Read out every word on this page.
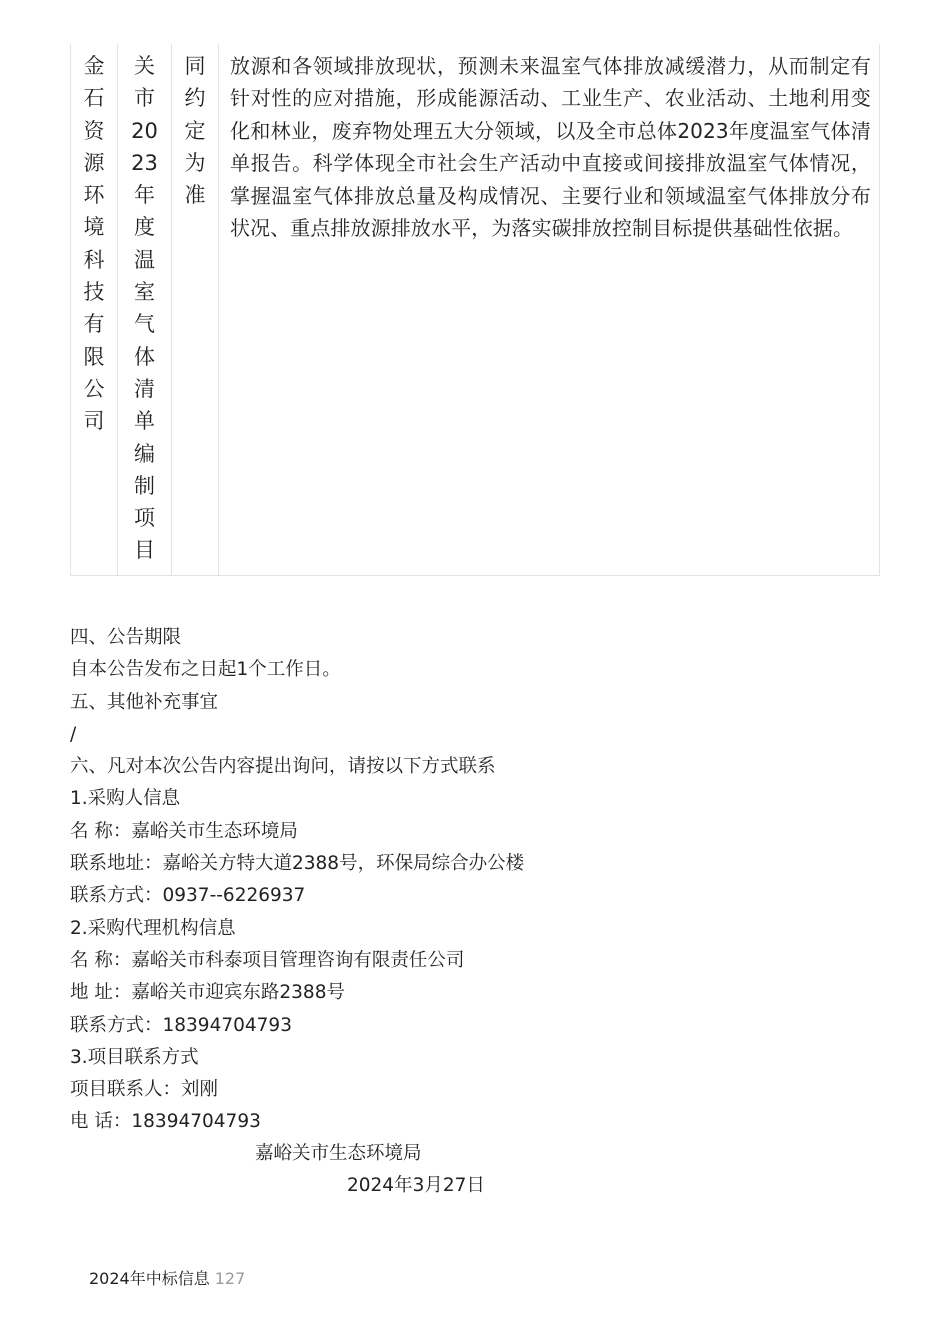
金
石
资
源
环
境
科
技
有
限
公
司
关
市
20
23
年
度
温
室
气
体
清
单
编
制
项
目
同
约
定
为
准
放源和各领域排放现状，预测未来温室气体排放减缓潜力，从而制定有针对性的应对措施，形成能源活动、工业生产、农业活动、土地利用变化和林业，废弃物处理五大分领域，以及全市总体2023年度温室气体清单报告。科学体现全市社会生产活动中直接或间接排放温室气体情况，掌握温室气体排放总量及构成情况、主要行业和领域温室气体排放分布状况、重点排放源排放水平，为落实碳排放控制目标提供基础性依据。
四、公告期限
自本公告发布之日起1个工作日。
五、其他补充事宜
/
六、凡对本次公告内容提出询问，请按以下方式联系
1.采购人信息
名 称：嘉峪关市生态环境局
联系地址：嘉峪关方特大道2388号，环保局综合办公楼
联系方式：0937--6226937
2.采购代理机构信息
名 称：嘉峪关市科泰项目管理咨询有限责任公司
地 址：嘉峪关市迎宾东路2388号
联系方式：18394704793
3.项目联系方式
项目联系人：刘刚
电 话：18394704793
嘉峪关市生态环境局
2024年3月27日
2024年中标信息 127
